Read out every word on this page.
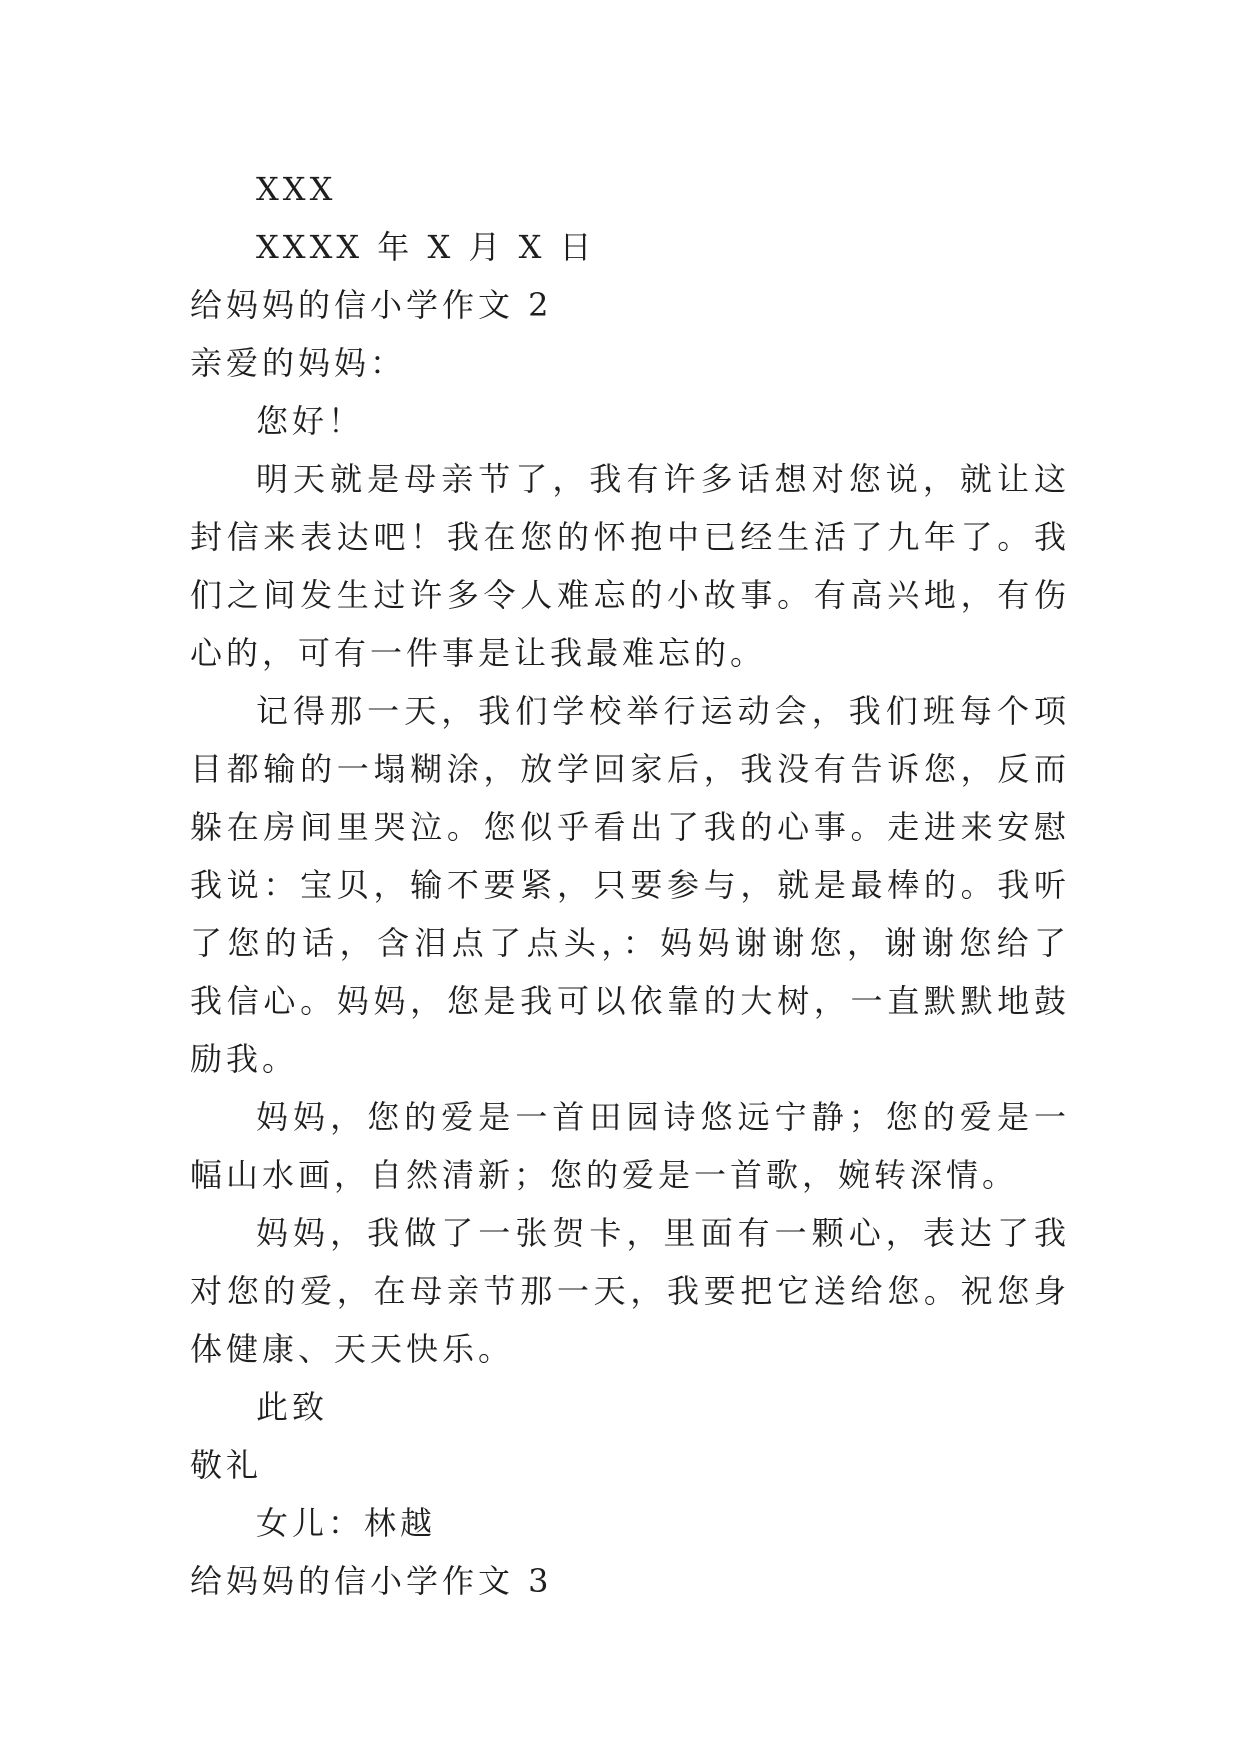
XXX
XXXX 年 X 月 X 日
给妈妈的信小学作文 2
亲爱的妈妈：
您好！

明天就是母亲节了，我有许多话想对您说，就让这封信来表达吧！我在您的怀抱中已经生活了九年了。我们之间发生过许多令人难忘的小故事。有高兴地，有伤心的，可有一件事是让我最难忘的。

记得那一天，我们学校举行运动会，我们班每个项目都输的一塌糊涂，放学回家后，我没有告诉您，反而躲在房间里哭泣。您似乎看出了我的心事。走进来安慰我说：宝贝，输不要紧，只要参与，就是最棒的。我听了您的话，含泪点了点头，：妈妈谢谢您，谢谢您给了我信心。妈妈，您是我可以依靠的大树，一直默默地鼓励我。

妈妈，您的爱是一首田园诗悠远宁静；您的爱是一幅山水画，自然清新；您的爱是一首歌，婉转深情。

妈妈，我做了一张贺卡，里面有一颗心，表达了我对您的爱，在母亲节那一天，我要把它送给您。祝您身体健康、天天快乐。

此致
敬礼
女儿：林越
给妈妈的信小学作文 3
